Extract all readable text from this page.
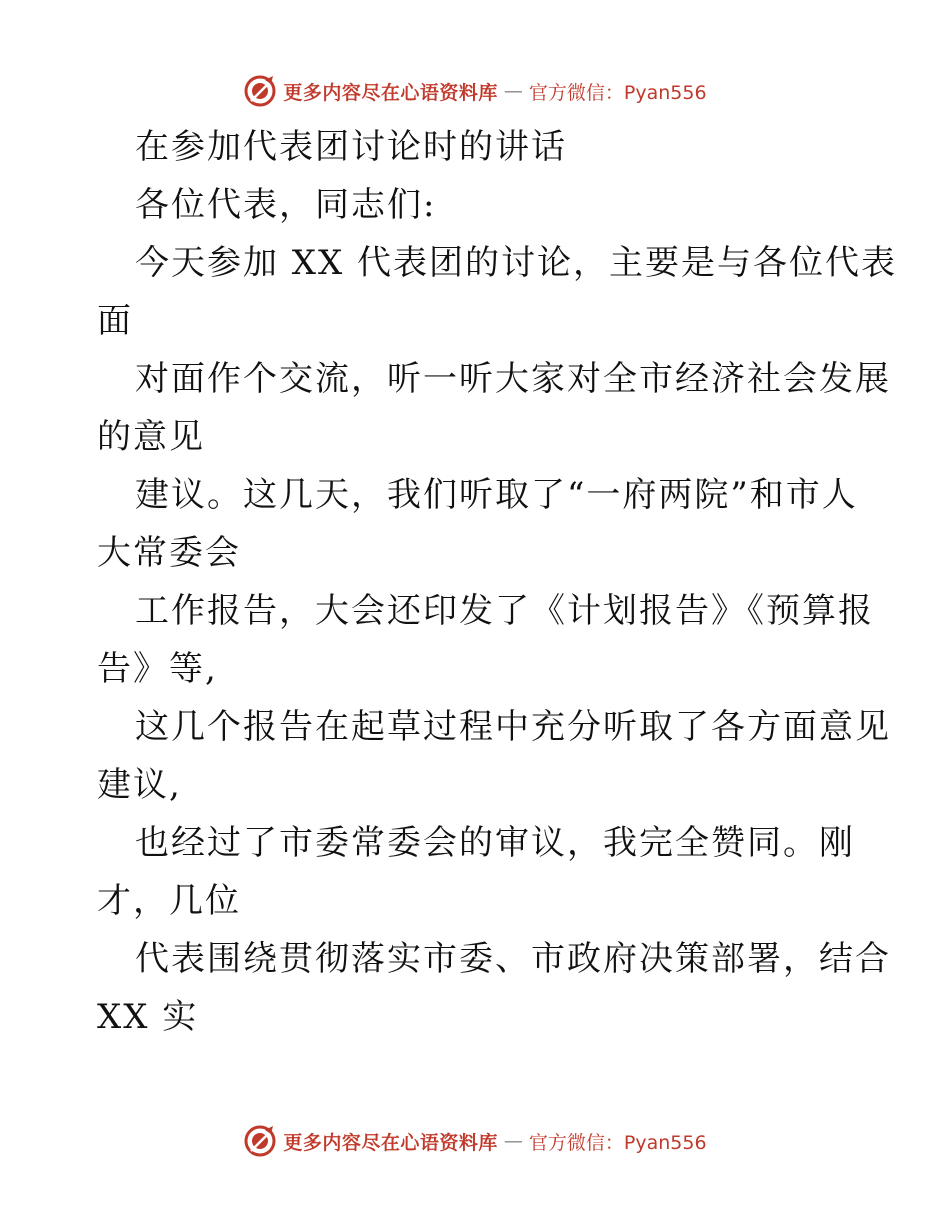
更多内容尽在心语资料库 — 官方微信：Pyan556
在参加代表团讨论时的讲话
各位代表，同志们:
今天参加 XX 代表团的讨论，主要是与各位代表
面
对面作个交流，听一听大家对全市经济社会发展
的意见
建议。这几天，我们听取了“一府两院”和市人
大常委会
工作报告，大会还印发了《计划报告》《预算报
告》等,
这几个报告在起草过程中充分听取了各方面意见
建议,
也经过了市委常委会的审议，我完全赞同。刚
才，几位
代表围绕贯彻落实市委、市政府决策部署，结合
XX 实
更多内容尽在心语资料库 — 官方微信：Pyan556
